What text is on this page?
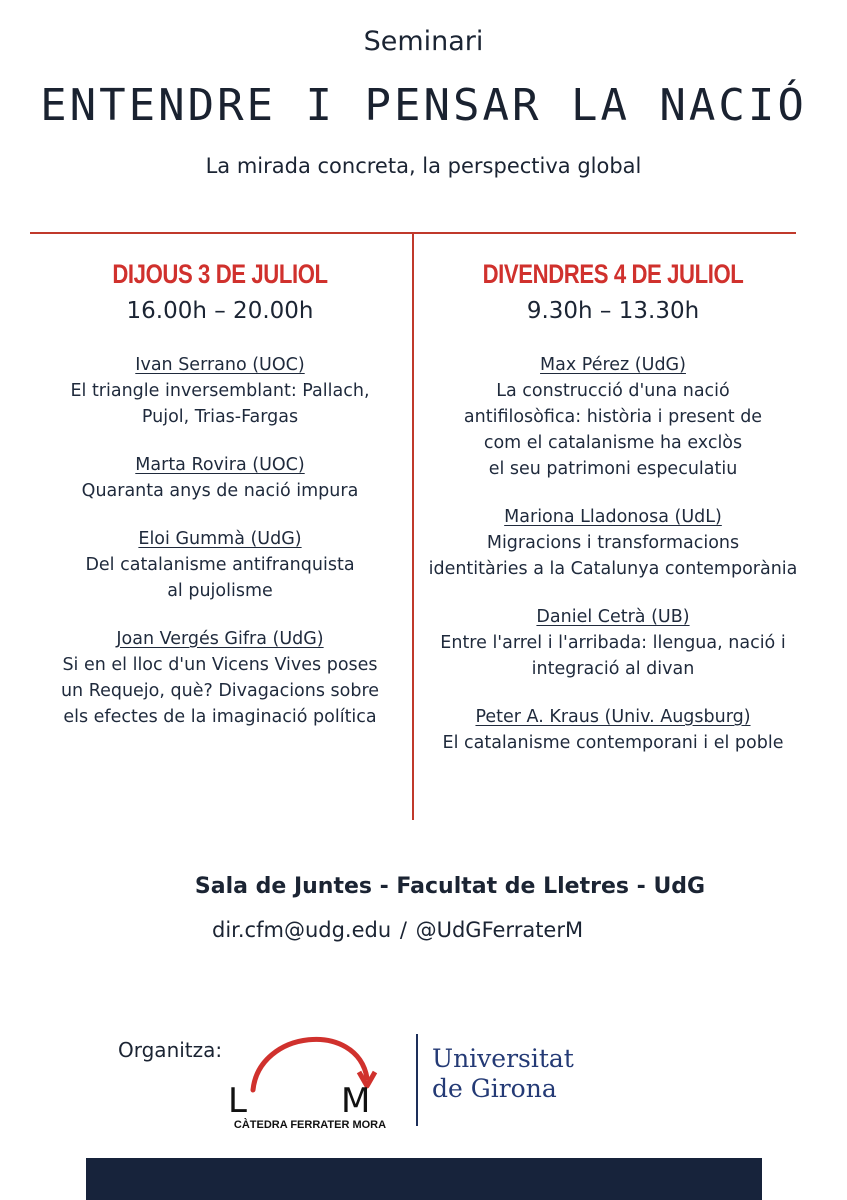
Seminari
ENTENDRE I PENSAR LA NACIÓ
La mirada concreta, la perspectiva global
DIJOUS 3 DE JULIOL
16.00h – 20.00h
Ivan Serrano (UOC)
El triangle inversemblant: Pallach,
Pujol, Trias-Fargas
Marta Rovira (UOC)
Quaranta anys de nació impura
Eloi Gummà (UdG)
Del catalanisme antifranquista
al pujolisme
Joan Vergés Gifra (UdG)
Si en el lloc d'un Vicens Vives poses
un Requejo, què? Divagacions sobre
els efectes de la imaginació política
DIVENDRES 4 DE JULIOL
9.30h – 13.30h
Max Pérez (UdG)
La construcció d'una nació
antifilosòfica: història i present de
com el catalanisme ha exclòs
el seu patrimoni especulatiu
Mariona Lladonosa (UdL)
Migracions i transformacions
identitàries a la Catalunya contemporània
Daniel Cetrà (UB)
Entre l'arrel i l'arribada: llengua, nació i
integració al divan
Peter A. Kraus (Univ. Augsburg)
El catalanisme contemporani i el poble
Sala de Juntes - Facultat de Lletres - UdG
dir.cfm@udg.edu / @UdGFerraterM
Organitza:
L	M
CÀTEDRA FERRATER MORA
Universitat
de Girona
